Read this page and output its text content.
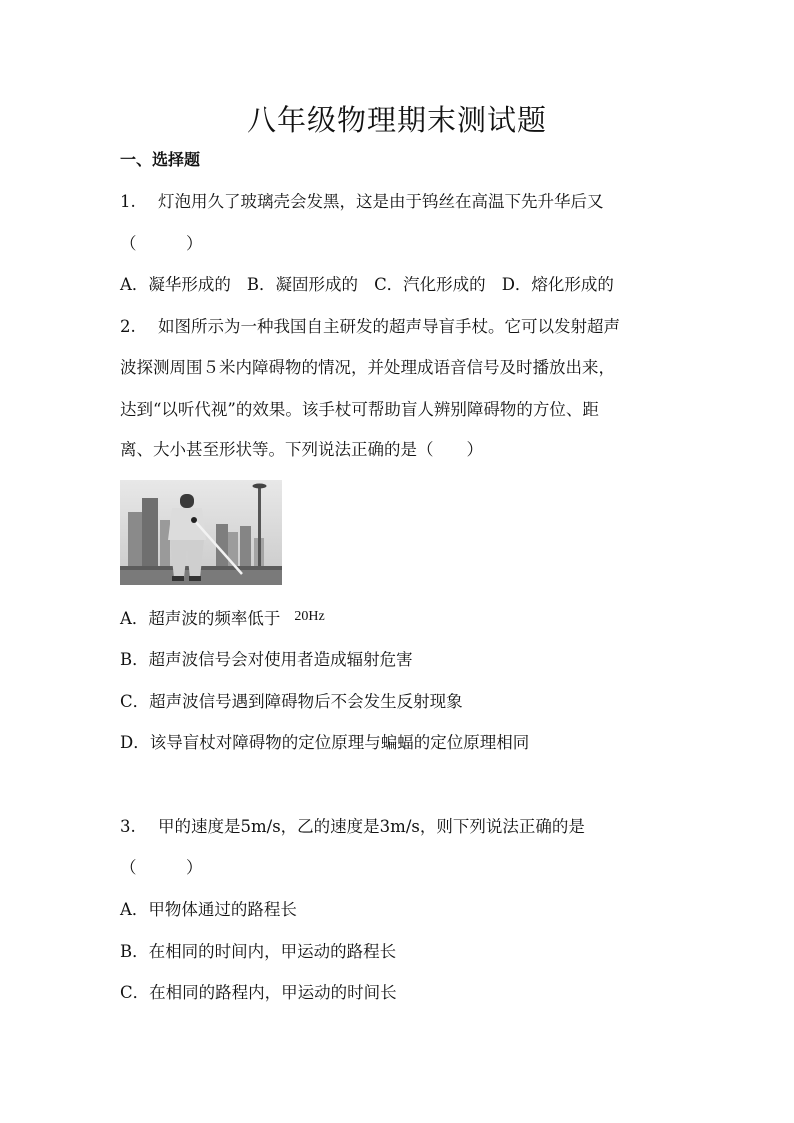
八年级物理期末测试题
一、选择题
1. 灯泡用久了玻璃壳会发黑，这是由于钨丝在高温下先升华后又
（　　　）
A．凝华形成的 B．凝固形成的 C．汽化形成的 D．熔化形成的
2. 如图所示为一种我国自主研发的超声导盲手杖。它可以发射超声
波探测周围５米内障碍物的情况，并处理成语音信号及时播放出来，
达到“以听代视”的效果。该手杖可帮助盲人辨别障碍物的方位、距
离、大小甚至形状等。下列说法正确的是（　　）
A．超声波的频率低于 $^{20Hz}$
B．超声波信号会对使用者造成辐射危害
C．超声波信号遇到障碍物后不会发生反射现象
D．该导盲杖对障碍物的定位原理与蝙蝠的定位原理相同
3. 甲的速度是5m/s，乙的速度是3m/s，则下列说法正确的是
（　　　）
A．甲物体通过的路程长
B．在相同的时间内，甲运动的路程长
C．在相同的路程内，甲运动的时间长
